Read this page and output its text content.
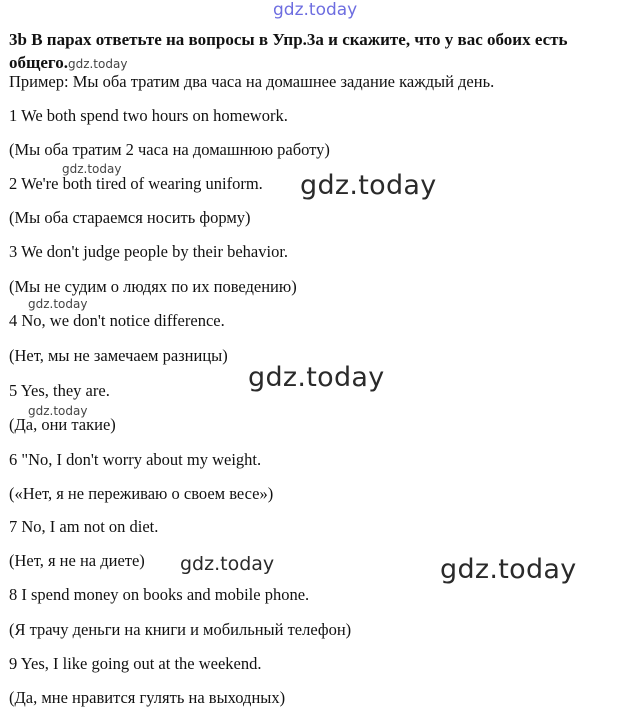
gdz.today
3b В парах ответьте на вопросы в Упр.3а и скажите, что у вас обоих есть общего.gdz.today
Пример: Мы оба тратим два часа на домашнее задание каждый день.
1 We both spend two hours on homework.
(Мы оба тратим 2 часа на домашнюю работу)
2 We're both tired of wearing uniform.
(Мы оба стараемся носить форму)
3 We don't judge people by their behavior.
(Мы не судим о людях по их поведению)
4 No, we don't notice difference.
(Нет, мы не замечаем разницы)
5 Yes, they are.
(Да, они такие)
6 "No, I don't worry about my weight.
(«Нет, я не переживаю о своем весе»)
7 No, I am not on diet.
(Нет, я не на диете)
8 I spend money on books and mobile phone.
(Я трачу деньги на книги и мобильный телефон)
9 Yes, I like going out at the weekend.
(Да, мне нравится гулять на выходных)
gdz.today
gdz.today
gdz.today
gdz.today
gdz.today
gdz.today
gdz.today
